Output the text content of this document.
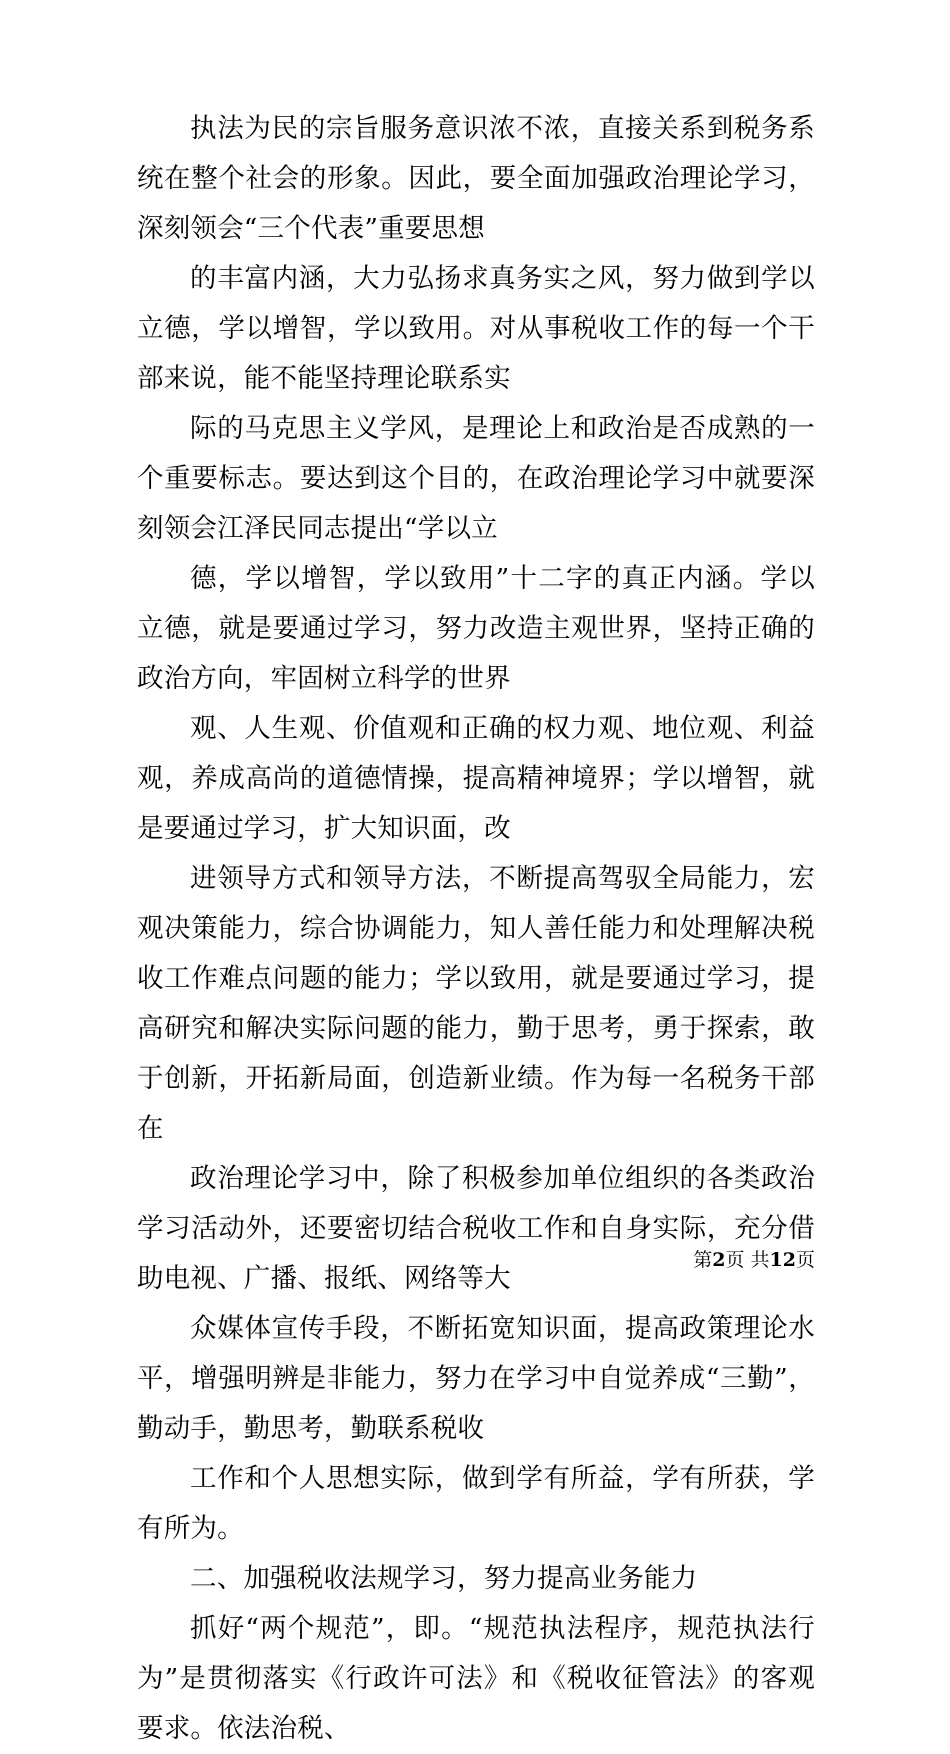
执法为民的宗旨服务意识浓不浓，直接关系到税务系统在整个社会的形象。因此，要全面加强政治理论学习，深刻领会“三个代表”重要思想

的丰富内涵，大力弘扬求真务实之风，努力做到学以立德，学以增智，学以致用。对从事税收工作的每一个干部来说，能不能坚持理论联系实

际的马克思主义学风，是理论上和政治是否成熟的一个重要标志。要达到这个目的，在政治理论学习中就要深刻领会江泽民同志提出“学以立

德，学以增智，学以致用”十二字的真正内涵。学以立德，就是要通过学习，努力改造主观世界，坚持正确的政治方向，牢固树立科学的世界

观、人生观、价值观和正确的权力观、地位观、利益观，养成高尚的道德情操，提高精神境界；学以增智，就是要通过学习，扩大知识面，改

进领导方式和领导方法，不断提高驾驭全局能力，宏观决策能力，综合协调能力，知人善任能力和处理解决税收工作难点问题的能力；学以致用，就是要通过学习，提高研究和解决实际问题的能力，勤于思考，勇于探索，敢于创新，开拓新局面，创造新业绩。作为每一名税务干部在

政治理论学习中，除了积极参加单位组织的各类政治学习活动外，还要密切结合税收工作和自身实际，充分借助电视、广播、报纸、网络等大

众媒体宣传手段，不断拓宽知识面，提高政策理论水平，增强明辨是非能力，努力在学习中自觉养成“三勤”，勤动手，勤思考，勤联系税收

工作和个人思想实际，做到学有所益，学有所获，学有所为。

二、加强税收法规学习，努力提高业务能力

抓好“两个规范”，即。“规范执法程序，规范执法行为”是贯彻落实《行政许可法》和《税收征管法》的客观要求。依法治税、

第2页 共12页
